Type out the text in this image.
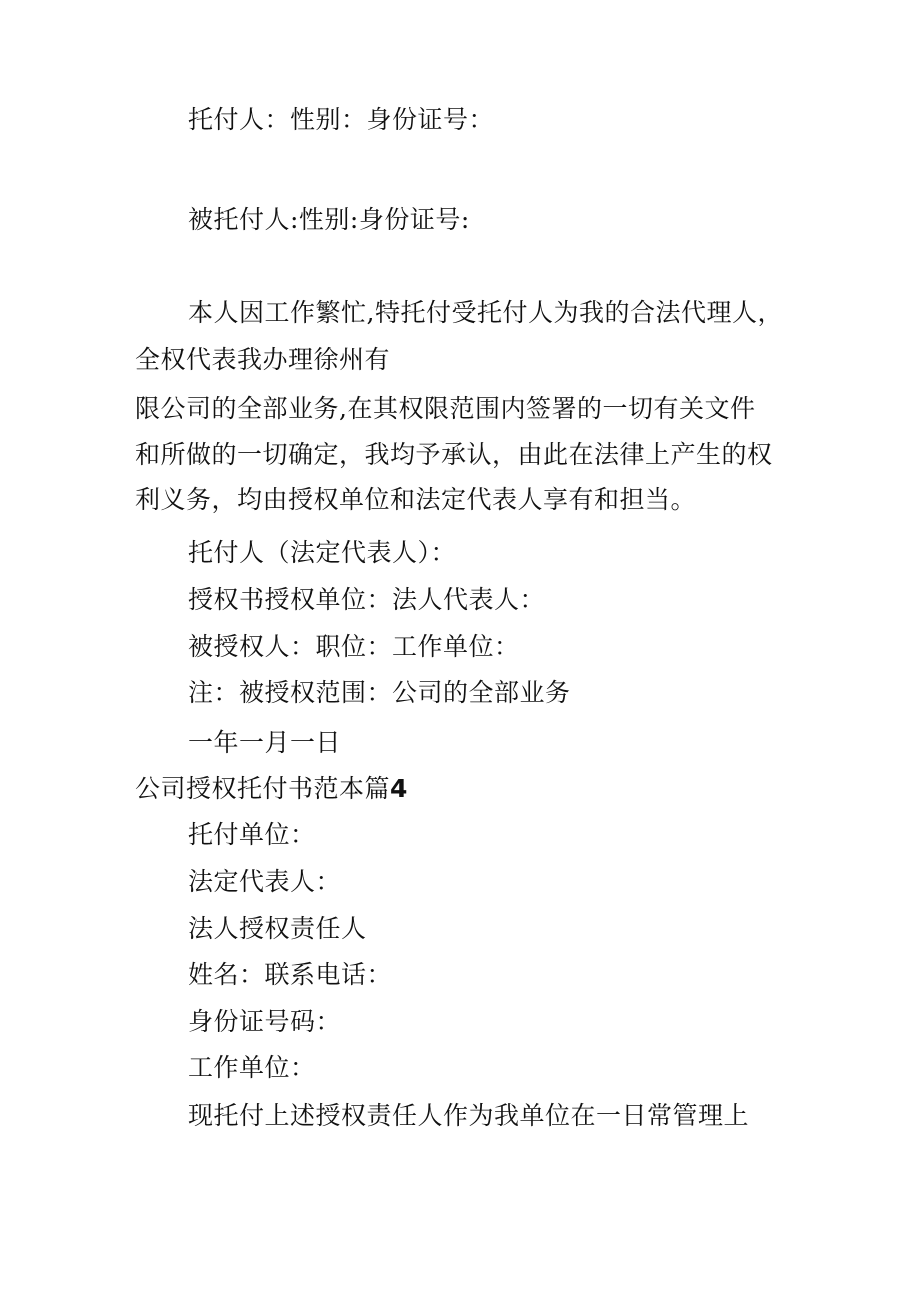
托付人：性别：身份证号：
被托付人:性别:身份证号:
本人因工作繁忙,特托付受托付人为我的合法代理人，
全权代表我办理徐州有
限公司的全部业务,在其权限范围内签署的一切有关文件
和所做的一切确定，我均予承认，由此在法律上产生的权
利义务，均由授权单位和法定代表人享有和担当。
托付人（法定代表人）：
授权书授权单位：法人代表人：
被授权人：职位：工作单位：
注：被授权范围：公司的全部业务
一年一月一日
公司授权托付书范本篇4
托付单位：
法定代表人：
法人授权责任人
姓名：联系电话：
身份证号码：
工作单位：
现托付上述授权责任人作为我单位在一日常管理上
